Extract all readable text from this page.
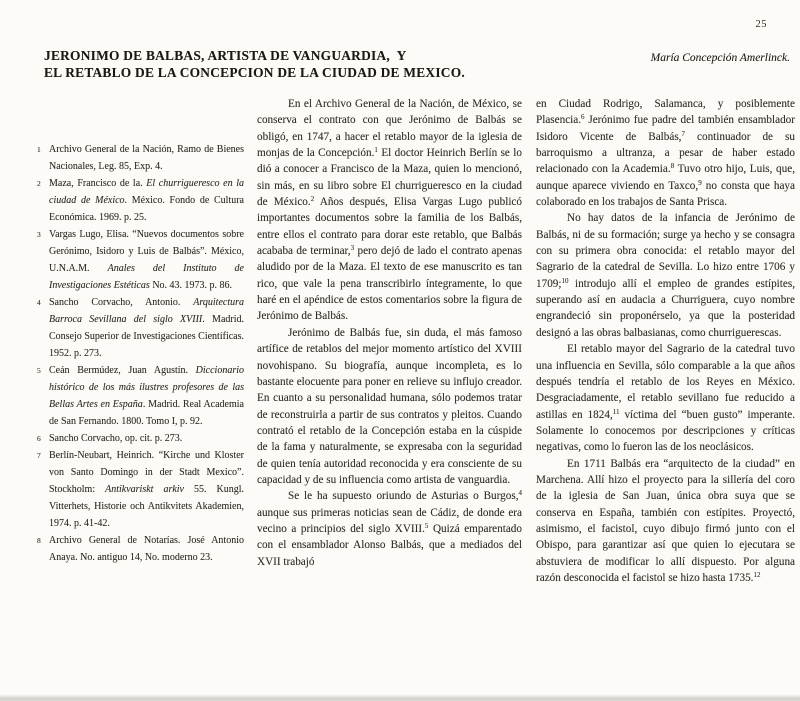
25
JERONIMO DE BALBAS, ARTISTA DE VANGUARDIA,  Y
EL RETABLO DE LA CONCEPCION DE LA CIUDAD DE MEXICO.
María Concepción Amerlinck.
1 Archivo General de la Nación, Ramo de Bienes Nacionales, Leg. 85, Exp. 4.
2 Maza, Francisco de la. El churrigueresco en la ciudad de México. México. Fondo de Cultura Económica. 1969. p. 25.
3 Vargas Lugo, Elisa. “Nuevos documentos sobre Gerónimo, Isidoro y Luis de Balbás”. México, U.N.A.M. Anales del Instituto de Investigaciones Estéticas No. 43. 1973. p. 86.
4 Sancho Corvacho, Antonio. Arquitectura Barroca Sevillana del siglo XVIII. Madrid. Consejo Superior de Investigaciones Científicas. 1952. p. 273.
5 Ceán Bermúdez, Juan Agustín. Diccionario histórico de los más ilustres profesores de las Bellas Artes en España. Madrid. Real Academia de San Fernando. 1800. Tomo I, p. 92.
6 Sancho Corvacho, op. cit. p. 273.
7 Berlín-Neubart, Heinrich. “Kirche und Kloster von Santo Domingo in der Stadt Mexico”. Stockholm: Antikvariskt arkiv 55. Kungl. Vitterhets, Historie och Antikvitets Akademien, 1974. p. 41-42.
8 Archivo General de Notarías. José Antonio Anaya. No. antiguo 14, No. moderno 23.

En el Archivo General de la Nación, de México, se conserva el contrato con que Jerónimo de Balbás se obligó, en 1747, a hacer el retablo mayor de la iglesia de monjas de la Concepción.$^1$ El doctor Heinrich Berlín se lo dió a conocer a Francisco de la Maza, quien lo mencionó, sin más, en su libro sobre El churrigueresco en la ciudad de México.$^2$ Años después, Elisa Vargas Lugo publicó importantes documentos sobre la familia de los Balbás, entre ellos el contrato para dorar este retablo, que Balbás acababa de terminar,$^3$ pero dejó de lado el contrato apenas aludido por de la Maza. El texto de ese manuscrito es tan rico, que vale la pena transcribirlo íntegramente, lo que haré en el apéndice de estos comentarios sobre la figura de Jerónimo de Balbás.

Jerónimo de Balbás fue, sin duda, el más famoso artífice de retablos del mejor momento artístico del XVIII novohispano. Su biografía, aunque incompleta, es lo bastante elocuente para poner en relieve su influjo creador. En cuanto a su personalidad humana, sólo podemos tratar de reconstruirla a partir de sus contratos y pleitos. Cuando contrató el retablo de la Concepción estaba en la cúspide de la fama y naturalmente, se expresaba con la seguridad de quien tenía autoridad reconocida y era consciente de su capacidad y de su influencia como artista de vanguardia.

Se le ha supuesto oriundo de Asturias o Burgos,$^4$ aunque sus primeras noticias sean de Cádiz, de donde era vecino a principios del siglo XVIII.$^5$ Quizá emparentado con el ensamblador Alonso Balbás, que a mediados del XVII trabajó

en Ciudad Rodrigo, Salamanca, y posiblemente Plasencia.$^6$ Jerónimo fue padre del también ensamblador Isidoro Vicente de Balbás,$^7$ continuador de su barroquismo a ultranza, a pesar de haber estado relacionado con la Academia.$^8$ Tuvo otro hijo, Luis, que, aunque aparece viviendo en Taxco,$^9$ no consta que haya colaborado en los trabajos de Santa Prisca.

No hay datos de la infancia de Jerónimo de Balbás, ni de su formación; surge ya hecho y se consagra con su primera obra conocida: el retablo mayor del Sagrario de la catedral de Sevilla. Lo hizo entre 1706 y 1709;$^{10}$ introdujo allí el empleo de grandes estípites, superando así en audacia a Churriguera, cuyo nombre engrandeció sin proponérselo, ya que la posteridad designó a las obras balbasianas, como churriguerescas.

El retablo mayor del Sagrario de la catedral tuvo una influencia en Sevilla, sólo comparable a la que años después tendría el retablo de los Reyes en México. Desgraciadamente, el retablo sevillano fue reducido a astillas en 1824,11 víctima del “buen gusto” imperante. Solamente lo conocemos por descripciones y críticas negativas, como lo fueron las de los neoclásicos.

En 1711 Balbás era “arquitecto de la ciudad” en Marchena. Allí hizo el proyecto para la sillería del coro de la iglesia de San Juan, única obra suya que se conserva en España, también con estípites. Proyectó, asimismo, el facistol, cuyo dibujo firmó junto con el Obispo, para garantizar así que quien lo ejecutara se abstuviera de modificar lo allí dispuesto. Por alguna razón desconocida el facistol se hizo hasta 1735.12
